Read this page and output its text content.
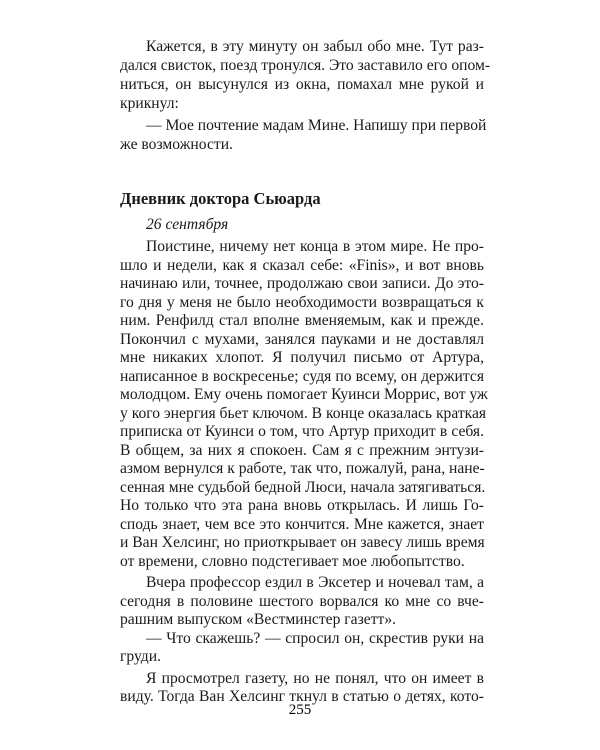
Дневник доктора Сьюарда
26 сентября
Поистине, ничему нет конца в этом мире. Не про-
шло и недели, как я сказал себе: «Finis», и вот вновь
начинаю или, точнее, продолжаю свои записи. До это-
го дня у меня не было необходимости возвращаться к
ним. Ренфилд стал вполне вменяемым, как и прежде.
Покончил с мухами, занялся пауками и не доставлял
мне никаких хлопот. Я получил письмо от Артура,
написанное в воскресенье; судя по всему, он держится
молодцом. Ему очень помогает Куинси Моррис, вот уж
у кого энергия бьет ключом. В конце оказалась краткая
приписка от Куинси о том, что Артур приходит в себя.
В общем, за них я спокоен. Сам я с прежним энтузи-
азмом вернулся к работе, так что, пожалуй, рана, нане-
сенная мне судьбой бедной Люси, начала затягиваться.
Но только что эта рана вновь открылась. И лишь Го-
сподь знает, чем все это кончится. Мне кажется, знает
и Ван Хелсинг, но приоткрывает он завесу лишь время
от времени, словно подстегивает мое любопытство.
Вчера профессор ездил в Эксетер и ночевал там, а
сегодня в половине шестого ворвался ко мне со вче-
рашним выпуском «Вестминстер газетт».
— Что скажешь? — спросил он, скрестив руки на
груди.
Я просмотрел газету, но не понял, что он имеет в
виду. Тогда Ван Хелсинг ткнул в статью о детях, кото-
Кажется, в эту минуту он забыл обо мне. Тут раз-
дался свисток, поезд тронулся. Это заставило его опом-
ниться, он высунулся из окна, помахал мне рукой и
крикнул:
— Мое почтение мадам Мине. Напишу при первой
же возможности.
255
